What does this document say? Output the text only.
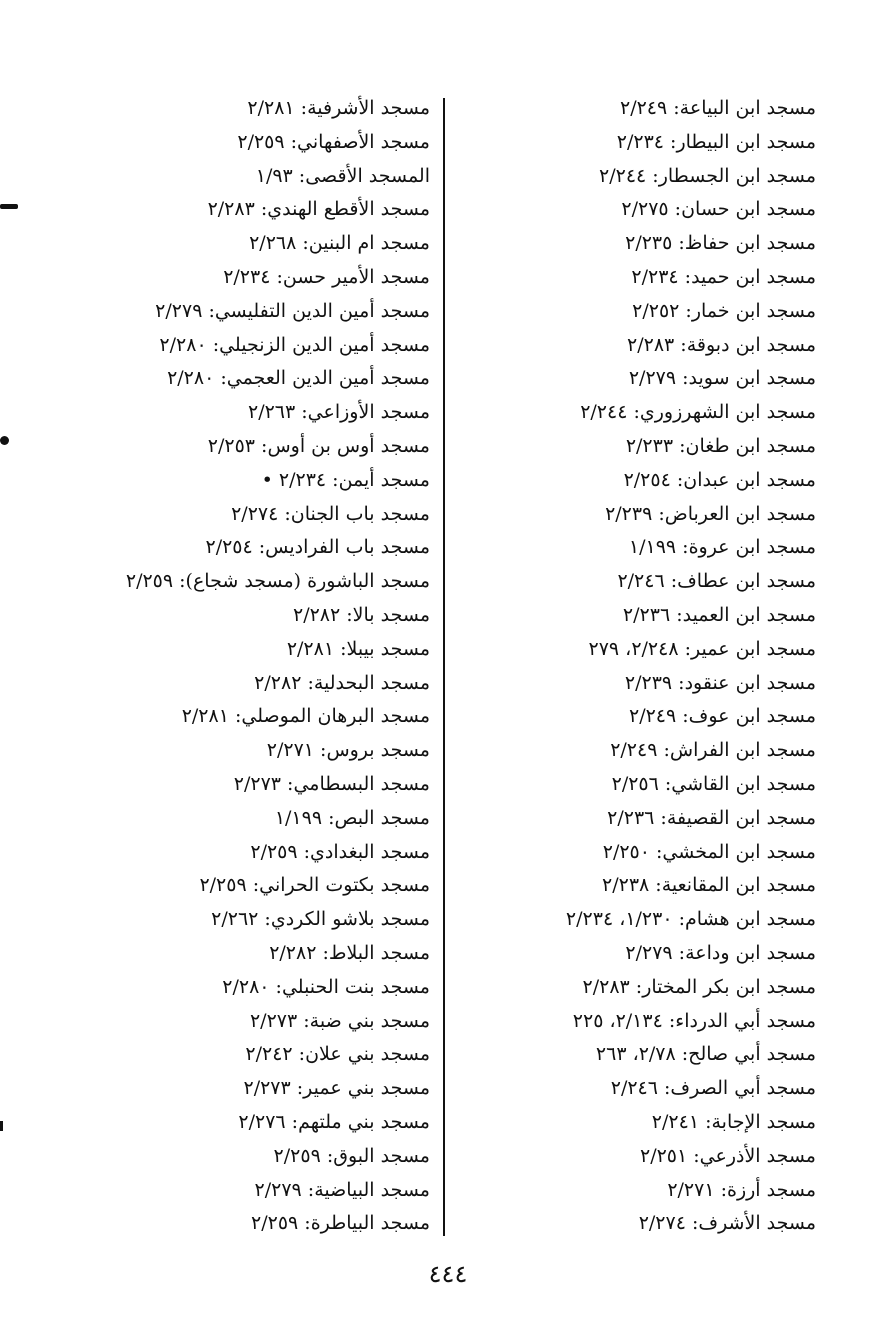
مسجد ابن البياعة: ٢/٢٤٩
مسجد ابن البيطار: ٢/٢٣٤
مسجد ابن الجسطار: ٢/٢٤٤
مسجد ابن حسان: ٢/٢٧٥
مسجد ابن حفاظ: ٢/٢٣٥
مسجد ابن حميد: ٢/٢٣٤
مسجد ابن خمار: ٢/٢٥٢
مسجد ابن دبوقة: ٢/٢٨٣
مسجد ابن سويد: ٢/٢٧٩
مسجد ابن الشهرزوري: ٢/٢٤٤
مسجد ابن طغان: ٢/٢٣٣
مسجد ابن عبدان: ٢/٢٥٤
مسجد ابن العرباض: ٢/٢٣٩
مسجد ابن عروة: ١/١٩٩
مسجد ابن عطاف: ٢/٢٤٦
مسجد ابن العميد: ٢/٢٣٦
مسجد ابن عمير: ٢/٢٤٨، ٢٧٩
مسجد ابن عنقود: ٢/٢٣٩
مسجد ابن عوف: ٢/٢٤٩
مسجد ابن الفراش: ٢/٢٤٩
مسجد ابن القاشي: ٢/٢٥٦
مسجد ابن القصيفة: ٢/٢٣٦
مسجد ابن المخشي: ٢/٢٥٠
مسجد ابن المقانعية: ٢/٢٣٨
مسجد ابن هشام: ١/٢٣٠، ٢/٢٣٤
مسجد ابن وداعة: ٢/٢٧٩
مسجد ابن بكر المختار: ٢/٢٨٣
مسجد أبي الدرداء: ٢/١٣٤، ٢٢٥
مسجد أبي صالح: ٢/٧٨، ٢٦٣
مسجد أبي الصرف: ٢/٢٤٦
مسجد الإجابة: ٢/٢٤١
مسجد الأذرعي: ٢/٢٥١
مسجد أرزة: ٢/٢٧١
مسجد الأشرف: ٢/٢٧٤
مسجد الأشرفية: ٢/٢٨١
مسجد الأصفهاني: ٢/٢٥٩
المسجد الأقصى: ١/٩٣
مسجد الأقطع الهندي: ٢/٢٨٣
مسجد ام البنين: ٢/٢٦٨
مسجد الأمير حسن: ٢/٢٣٤
مسجد أمين الدين التفليسي: ٢/٢٧٩
مسجد أمين الدين الزنجيلي: ٢/٢٨٠
مسجد أمين الدين العجمي: ٢/٢٨٠
مسجد الأوزاعي: ٢/٢٦٣
مسجد أوس بن أوس: ٢/٢٥٣
مسجد أيمن: ٢/٢٣٤ •
مسجد باب الجنان: ٢/٢٧٤
مسجد باب الفراديس: ٢/٢٥٤
مسجد الباشورة (مسجد شجاع): ٢/٢٥٩
مسجد بالا: ٢/٢٨٢
مسجد بيبلا: ٢/٢٨١
مسجد البحدلية: ٢/٢٨٢
مسجد البرهان الموصلي: ٢/٢٨١
مسجد بروس: ٢/٢٧١
مسجد البسطامي: ٢/٢٧٣
مسجد البص: ١/١٩٩
مسجد البغدادي: ٢/٢٥٩
مسجد بكتوت الحراني: ٢/٢٥٩
مسجد بلاشو الكردي: ٢/٢٦٢
مسجد البلاط: ٢/٢٨٢
مسجد بنت الحنبلي: ٢/٢٨٠
مسجد بني ضبة: ٢/٢٧٣
مسجد بني علان: ٢/٢٤٢
مسجد بني عمير: ٢/٢٧٣
مسجد بني ملتهم: ٢/٢٧٦
مسجد البوق: ٢/٢٥٩
مسجد البياضية: ٢/٢٧٩
مسجد البياطرة: ٢/٢٥٩
٤٤٤
